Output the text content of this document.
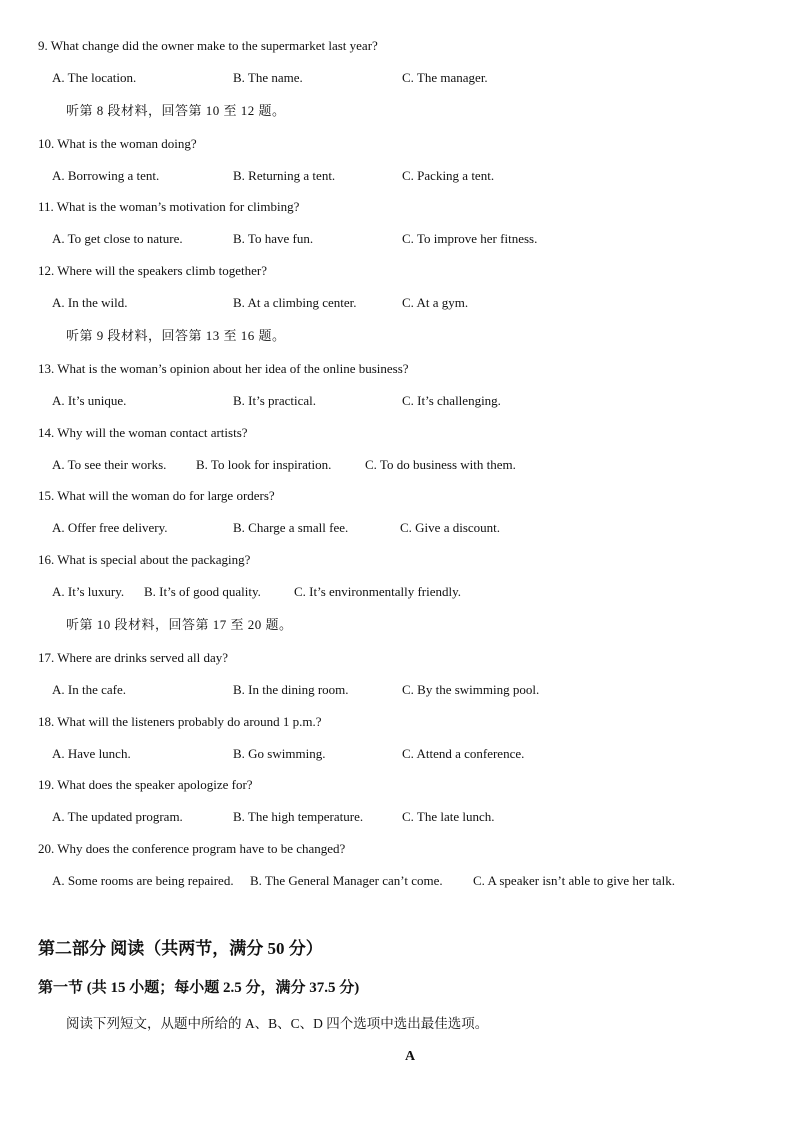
9. What change did the owner make to the supermarket last year?
A. The location.	B. The name.	C. The manager.
听第 8 段材料，回答第 10 至 12 题。
10. What is the woman doing?
A. Borrowing a tent.	B. Returning a tent.	C. Packing a tent.
11. What is the woman’s motivation for climbing?
A. To get close to nature.	B. To have fun.	C. To improve her fitness.
12. Where will the speakers climb together?
A. In the wild.	B. At a climbing center.	C. At a gym.
听第 9 段材料，回答第 13 至 16 题。
13. What is the woman’s opinion about her idea of the online business?
A. It’s unique.	B. It’s practical.	C. It’s challenging.
14. Why will the woman contact artists?
A. To see their works. B. To look for inspiration.	C. To do business with them.
15. What will the woman do for large orders?
A. Offer free delivery.	B. Charge a small fee.	C. Give a discount.
16. What is special about the packaging?
A. It’s luxury. B. It’s of good quality.	C. It’s environmentally friendly.
听第 10 段材料，回答第 17 至 20 题。
17. Where are drinks served all day?
A. In the cafe.	B. In the dining room.	C. By the swimming pool.
18. What will the listeners probably do around 1 p.m.?
A. Have lunch.	B. Go swimming.	C. Attend a conference.
19. What does the speaker apologize for?
A. The updated program.	B. The high temperature.	C. The late lunch.
20. Why does the conference program have to be changed?
A. Some rooms are being repaired. B. The General Manager can’t come. C. A speaker isn’t able to give her talk.
第二部分 阅读（共两节，满分 50 分）
第一节 (共 15 小题；每小题 2.5 分，满分 37.5 分)
阅读下列短文，从题中所给的 A、B、C、D 四个选项中选出最佳选项。
A
